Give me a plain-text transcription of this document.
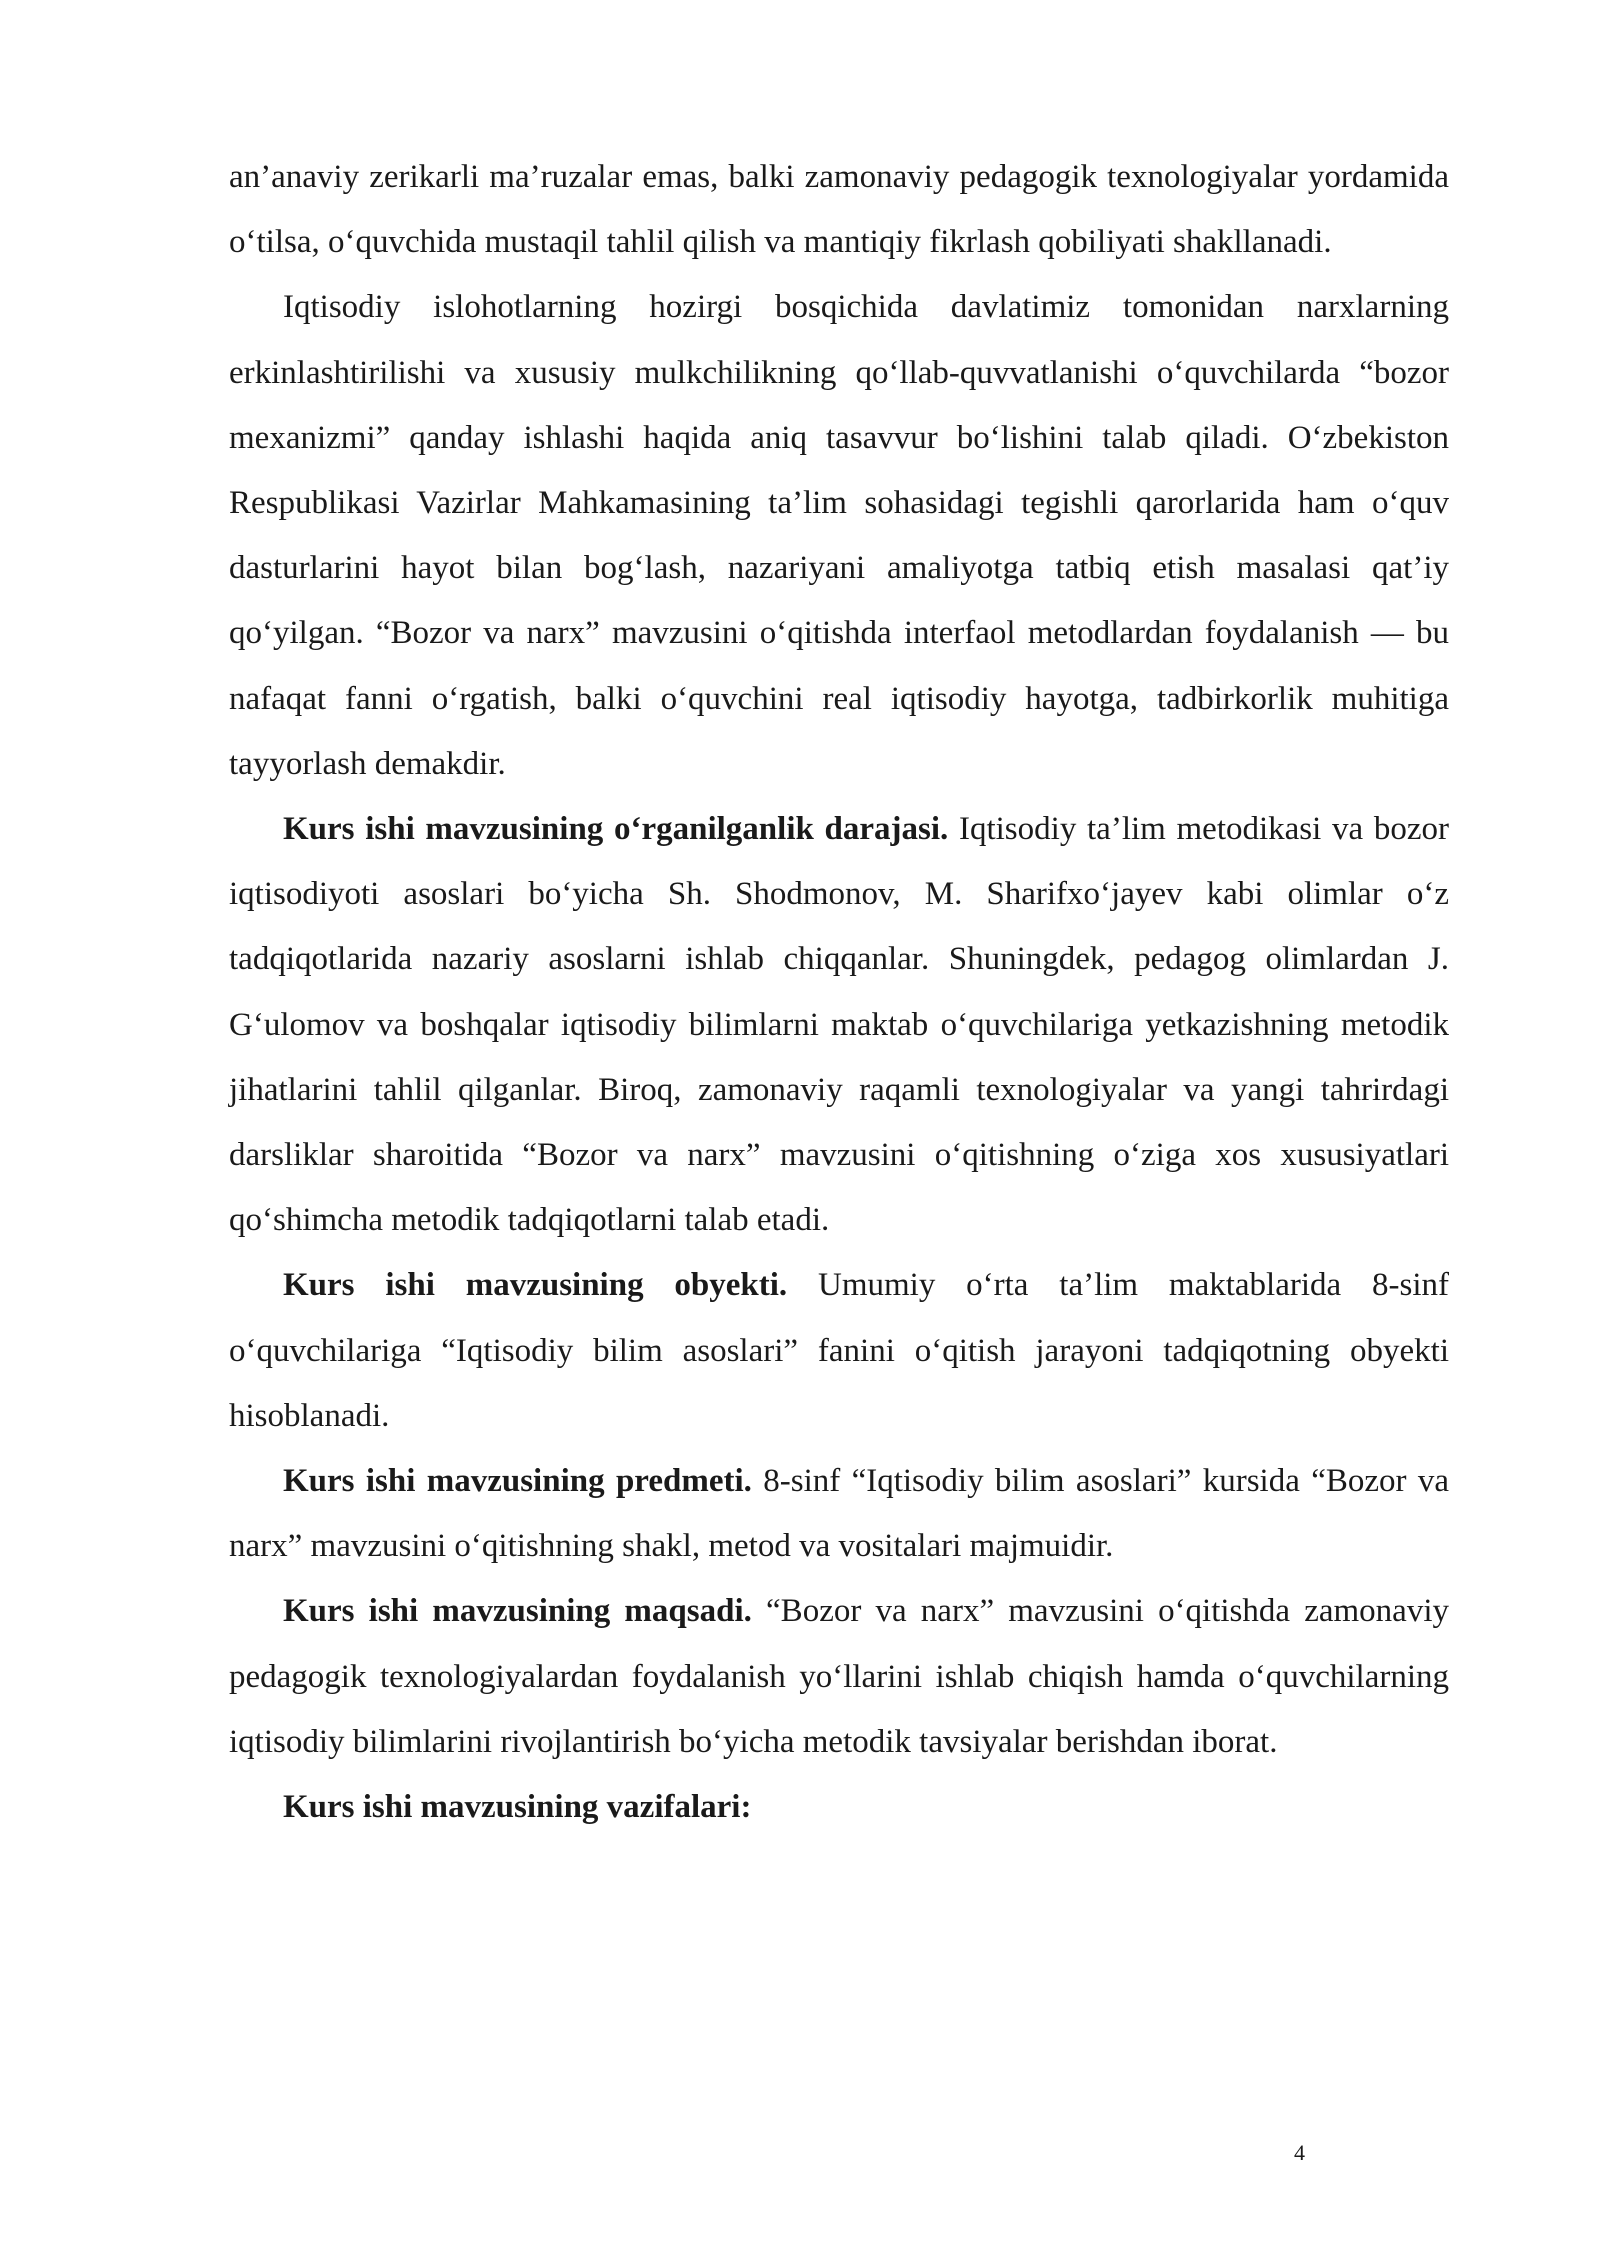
an’anaviy zerikarli ma’ruzalar emas, balki zamonaviy pedagogik texnologiyalar yordamida o‘tilsa, o‘quvchida mustaqil tahlil qilish va mantiqiy fikrlash qobiliyati shakllanadi.

Iqtisodiy islohotlarning hozirgi bosqichida davlatimiz tomonidan narxlarning erkinlashtirilishi va xususiy mulkchilikning qo‘llab-quvvatlanishi o‘quvchilarda “bozor mexanizmi” qanday ishlashi haqida aniq tasavvur bo‘lishini talab qiladi. O‘zbekiston Respublikasi Vazirlar Mahkamasining ta’lim sohasidagi tegishli qarorlarida ham o‘quv dasturlarini hayot bilan bog‘lash, nazariyani amaliyotga tatbiq etish masalasi qat’iy qo‘yilgan. “Bozor va narx” mavzusini o‘qitishda interfaol metodlardan foydalanish — bu nafaqat fanni o‘rgatish, balki o‘quvchini real iqtisodiy hayotga, tadbirkorlik muhitiga tayyorlash demakdir.

Kurs ishi mavzusining o‘rganilganlik darajasi. Iqtisodiy ta’lim metodikasi va bozor iqtisodiyoti asoslari bo‘yicha Sh. Shodmonov, M. Sharifxo‘jayev kabi olimlar o‘z tadqiqotlarida nazariy asoslarni ishlab chiqqanlar. Shuningdek, pedagog olimlardan J. G‘ulomov va boshqalar iqtisodiy bilimlarni maktab o‘quvchilariga yetkazishning metodik jihatlarini tahlil qilganlar. Biroq, zamonaviy raqamli texnologiyalar va yangi tahrirdagi darsliklar sharoitida “Bozor va narx” mavzusini o‘qitishning o‘ziga xos xususiyatlari qo‘shimcha metodik tadqiqotlarni talab etadi.

Kurs ishi mavzusining obyekti. Umumiy o‘rta ta’lim maktablarida 8-sinf o‘quvchilariga “Iqtisodiy bilim asoslari” fanini o‘qitish jarayoni tadqiqotning obyekti hisoblanadi.

Kurs ishi mavzusining predmeti. 8-sinf “Iqtisodiy bilim asoslari” kursida “Bozor va narx” mavzusini o‘qitishning shakl, metod va vositalari majmuidir.

Kurs ishi mavzusining maqsadi. “Bozor va narx” mavzusini o‘qitishda zamonaviy pedagogik texnologiyalardan foydalanish yo‘llarini ishlab chiqish hamda o‘quvchilarning iqtisodiy bilimlarini rivojlantirish bo‘yicha metodik tavsiyalar berishdan iborat.

Kurs ishi mavzusining vazifalari:

4
